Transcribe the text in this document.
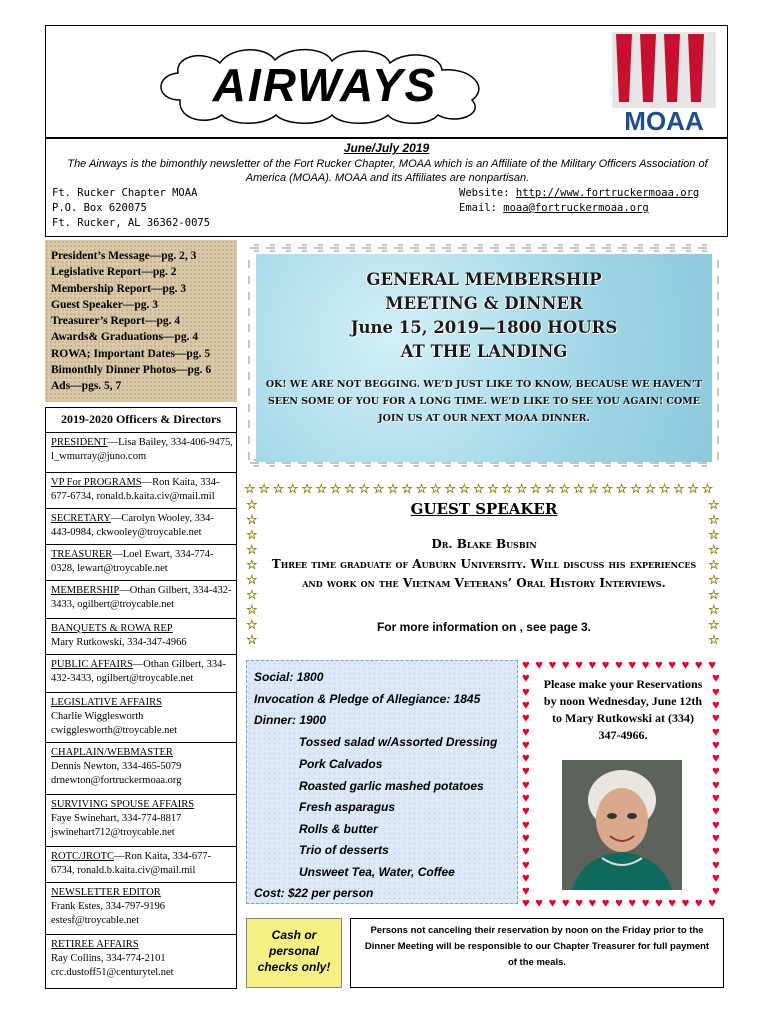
AIRWAYS
MOAA
June/July 2019
The Airways is the bimonthly newsletter of the Fort Rucker Chapter, MOAA which is an Affiliate of the Military Officers Association of America (MOAA). MOAA and its Affiliates are nonpartisan.
Ft. Rucker Chapter MOAA
P.O. Box 620075
Ft. Rucker, AL 36362-0075
Website: http://www.fortruckermoaa.org
Email: moaa@fortruckermoaa.org
President’s Message—pg. 2, 3
Legislative Report—pg. 2
Membership Report—pg. 3
Guest Speaker—pg. 3
Treasurer’s Report—pg. 4
Awards& Graduations—pg. 4
ROWA; Important Dates—pg. 5
Bimonthly Dinner Photos—pg. 6
Ads—pgs. 5, 7
2019-2020 Officers & Directors
PRESIDENT—Lisa Bailey, 334-406-9475, l_wmurray@juno.com
VP For PROGRAMS—Ron Kaita, 334-677-6734, ronald.b.kaita.civ@mail.mil
SECRETARY—Carolyn Wooley, 334-443-0984, ckwooley@troycable.net
TREASURER—Loel Ewart, 334-774-0328, lewart@troycable.net
MEMBERSHIP—Othan Gilbert, 334-432-3433, ogilbert@troycable.net
BANQUETS & ROWA REP
Mary Rutkowski, 334-347-4966
PUBLIC AFFAIRS—Othan Gilbert, 334-432-3433, ogilbert@troycable.net
LEGISLATIVE AFFAIRS
Charlie Wigglesworth cwigglesworth@troycable.net
CHAPLAIN/WEBMASTER
Dennis Newton, 334-465-5079 drnewton@fortruckermoaa.org
SURVIVING SPOUSE AFFAIRS
Faye Swinehart, 334-774-8817 jswinehart712@troycable.net
ROTC/JROTC—Ron Kaita, 334-677-6734, ronald.b.kaita.civ@mail.mil
NEWSLETTER EDITOR
Frank Estes, 334-797-9196 estesf@troycable.net
RETIREE AFFAIRS
Ray Collins, 334-774-2101 crc.dustoff51@centurytel.net
GENERAL MEMBERSHIP
MEETING & DINNER
June 15, 2019—1800 HOURS
AT THE LANDING
OK! WE ARE NOT BEGGING. WE’D JUST LIKE TO KNOW, BECAUSE WE HAVEN’T SEEN SOME OF YOU FOR A LONG TIME. WE’D LIKE TO SEE YOU AGAIN! COME JOIN US AT OUR NEXT MOAA DINNER.
☆ ☆ ☆ ☆ ☆ ☆ ☆ ☆ ☆ ☆ ☆ ☆ ☆ ☆ ☆ ☆ ☆ ☆ ☆ ☆ ☆ ☆ ☆ ☆ ☆ ☆ ☆ ☆ ☆ ☆ ☆ ☆ ☆
☆
☆
☆
☆
☆
☆
☆
☆
☆
☆
☆
☆
☆
☆
☆
☆
☆
☆
☆
☆
GUEST SPEAKER
Dr. Blake Busbin
Three time graduate of Auburn University. Will discuss his experiences and work on the Vietnam Veterans’ Oral History Interviews.
For more information on , see page 3.
Social: 1800
Invocation & Pledge of Allegiance: 1845
Dinner: 1900
Tossed salad w/Assorted Dressing
Pork Calvados
Roasted garlic mashed potatoes
Fresh asparagus
Rolls & butter
Trio of desserts
Unsweet Tea, Water, Coffee
Cost: $22 per person
♥
♥
♥
♥
♥
♥
♥
♥
♥
♥
♥
♥
♥
♥
♥
♥
♥
♥
♥
♥
♥
♥
♥
♥
♥
♥
♥
♥
♥
♥
♥	♥
♥	♥
♥	♥
♥	♥
♥	♥
♥	♥
♥	♥
♥	♥
♥	♥
♥	♥
♥	♥
♥	♥
♥	♥
♥	♥
♥	♥
♥	♥
♥	♥
Please make your Reservations by noon Wednesday, June 12th to Mary Rutkowski at (334) 347-4966.
Cash or
personal
checks only!
Persons not canceling their reservation by noon on the Friday prior to the Dinner Meeting will be responsible to our Chapter Treasurer for full payment of the meals.
